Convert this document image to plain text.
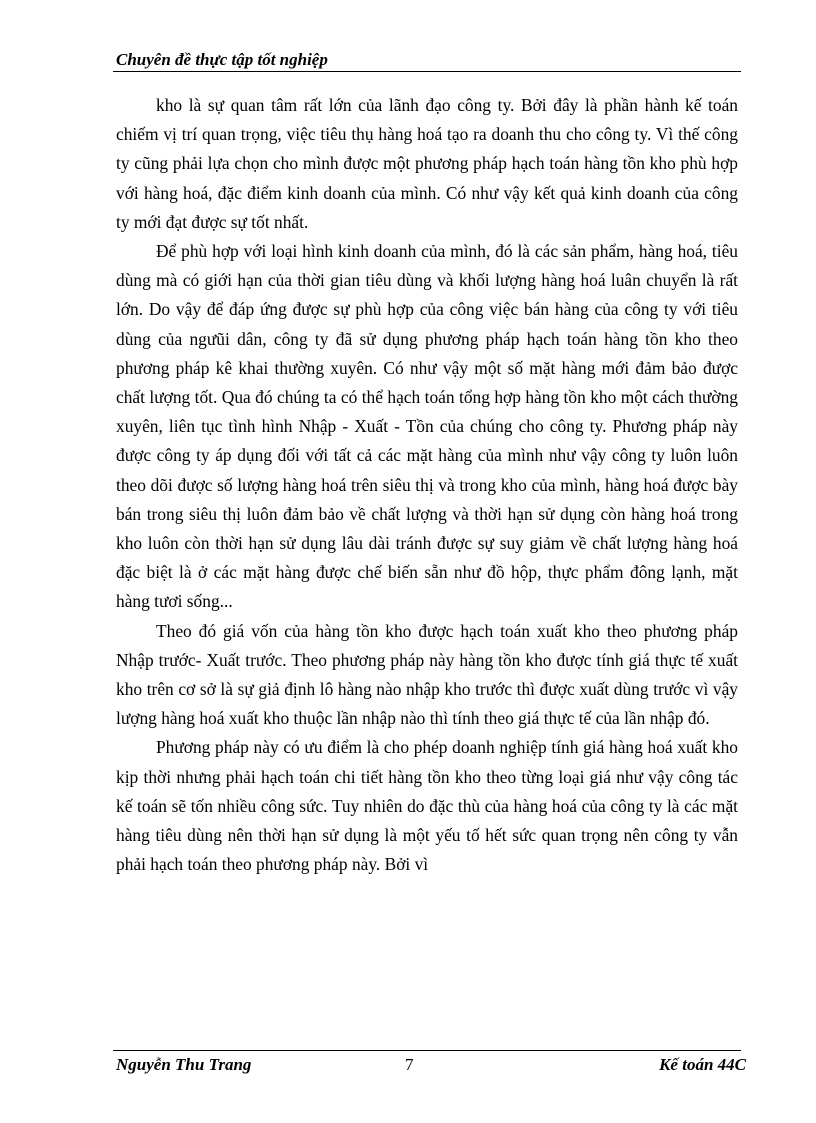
Chuyên đề thực tập tốt nghiệp

kho là sự quan tâm rất lớn của lãnh đạo công ty. Bởi đây là phần hành kế toán chiếm vị trí quan trọng, việc tiêu thụ hàng hoá tạo ra doanh thu cho công ty. Vì thế công ty cũng phải lựa chọn cho mình được một phương pháp hạch toán hàng tồn kho phù hợp với hàng hoá, đặc điểm kinh doanh của mình. Có như vậy kết quả kinh doanh của công ty mới đạt được sự tốt nhất.

Để phù hợp với loại hình kinh doanh của mình, đó là các sản phẩm, hàng hoá, tiêu dùng mà có giới hạn của thời gian tiêu dùng và khối lượng hàng hoá luân chuyển là rất lớn. Do vậy để đáp ứng được sự phù hợp của công việc bán hàng của công ty với tiêu dùng của ngưũi dân, công ty đã sử dụng phương pháp hạch toán hàng tồn kho theo phương pháp kê khai thường xuyên. Có như vậy một số mặt hàng mới đảm bảo được chất lượng tốt. Qua đó chúng ta có thể hạch toán tổng hợp hàng tồn kho một cách thường xuyên, liên tục tình hình Nhập - Xuất - Tồn của chúng cho công ty. Phương pháp này được công ty áp dụng đối với tất cả các mặt hàng của mình như vậy công ty luôn luôn theo dõi được số lượng hàng hoá trên siêu thị và trong kho của mình, hàng hoá được bày bán trong siêu thị luôn đảm bảo về chất lượng và thời hạn sử dụng còn hàng hoá trong kho luôn còn thời hạn sử dụng lâu dài tránh được sự suy giảm về chất lượng hàng hoá đặc biệt là ở các mặt hàng được chế biến sẵn như đồ hộp, thực phẩm đông lạnh, mặt hàng tươi sống...

Theo đó giá vốn của hàng tồn kho được hạch toán xuất kho theo phương pháp Nhập trước- Xuất trước. Theo phương pháp này hàng tồn kho được tính giá thực tế xuất kho trên cơ sở là sự giả định lô hàng nào nhập kho trước thì được xuất dùng trước vì vậy lượng hàng hoá xuất kho thuộc lần nhập nào thì tính theo giá thực tế của lần nhập đó.

Phương pháp này có ưu điểm là cho phép doanh nghiệp tính giá hàng hoá xuất kho kịp thời nhưng phải hạch toán chi tiết hàng tồn kho theo từng loại giá như vậy công tác kế toán sẽ tốn nhiều công sức. Tuy nhiên do đặc thù của hàng hoá của công ty là các mặt hàng tiêu dùng nên thời hạn sử dụng là một yếu tố hết sức quan trọng nên công ty vẫn phải hạch toán theo phương pháp này. Bởi vì

Nguyễn Thu Trang	7	Kế toán 44C
